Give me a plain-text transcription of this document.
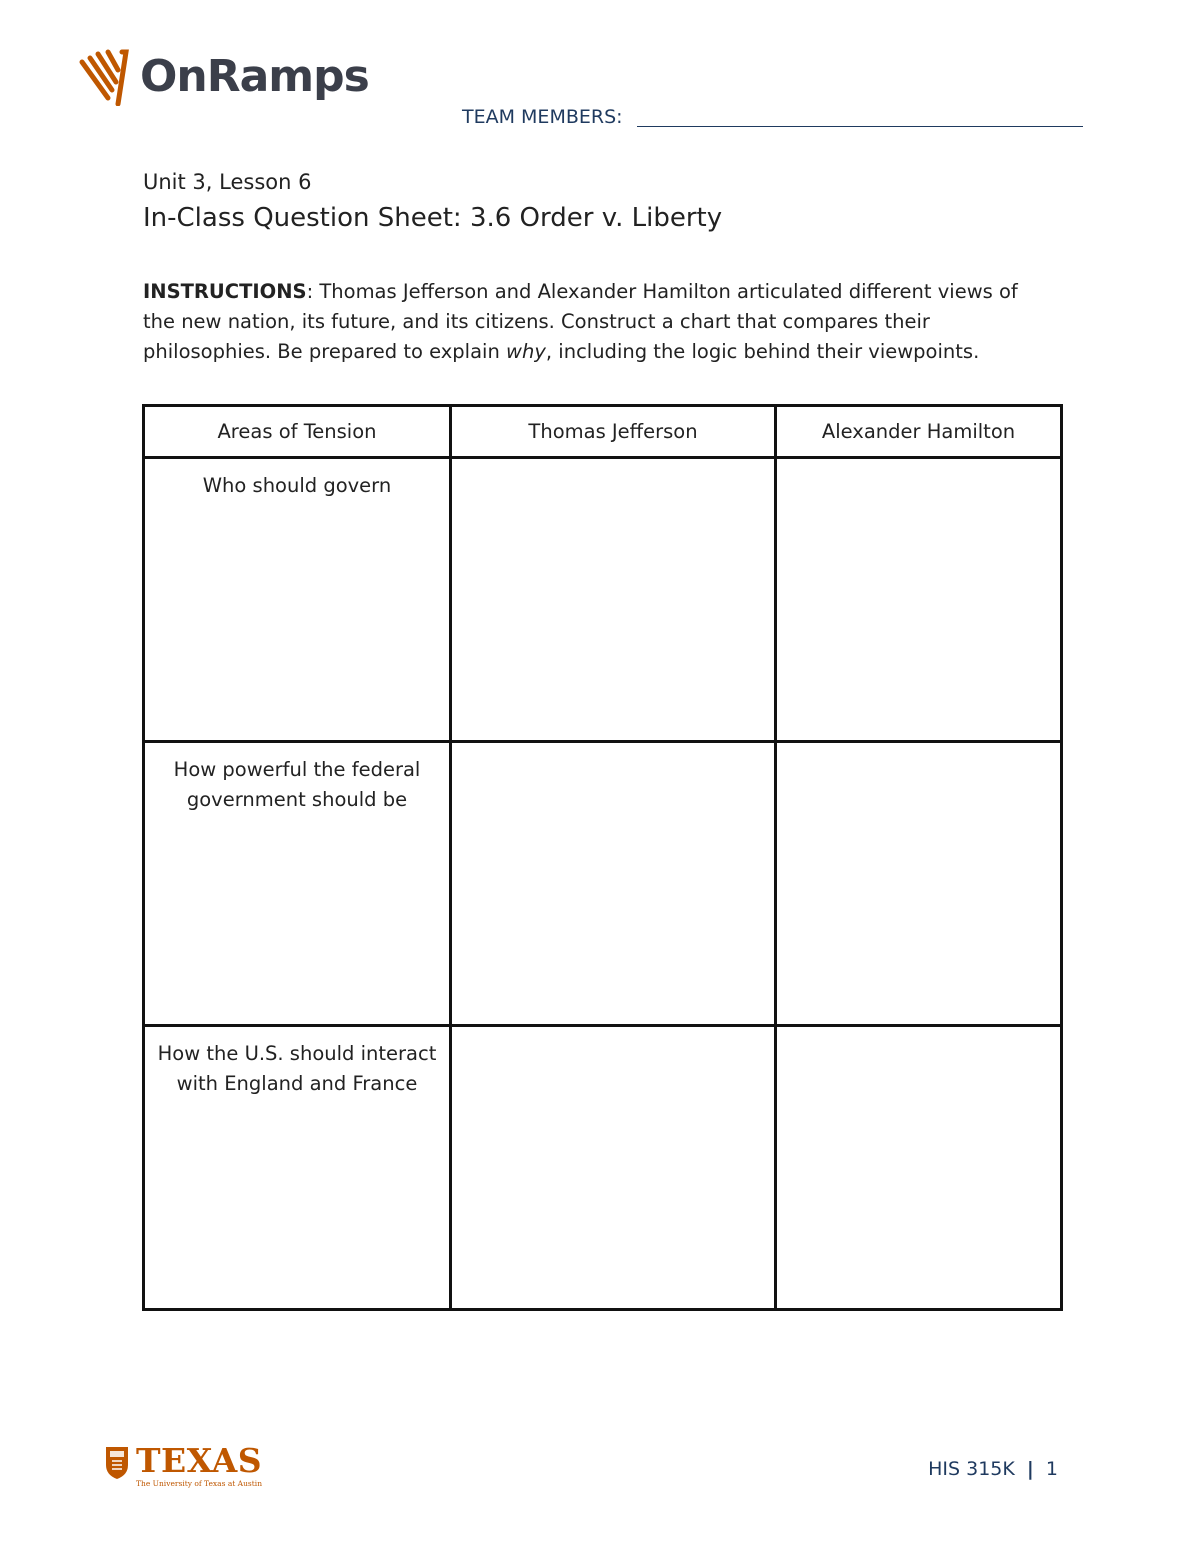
OnRamps
TEAM MEMBERS:
Unit 3, Lesson 6
In-Class Question Sheet: 3.6 Order v. Liberty
INSTRUCTIONS: Thomas Jefferson and Alexander Hamilton articulated different views of the new nation, its future, and its citizens. Construct a chart that compares their philosophies. Be prepared to explain why, including the logic behind their viewpoints.
Areas of Tension	Thomas Jefferson	Alexander Hamilton

Who should govern		

How powerful the federal government should be		

How the U.S. should interact with England and France		

TEXAS
The University of Texas at Austin
HIS 315K | 1
